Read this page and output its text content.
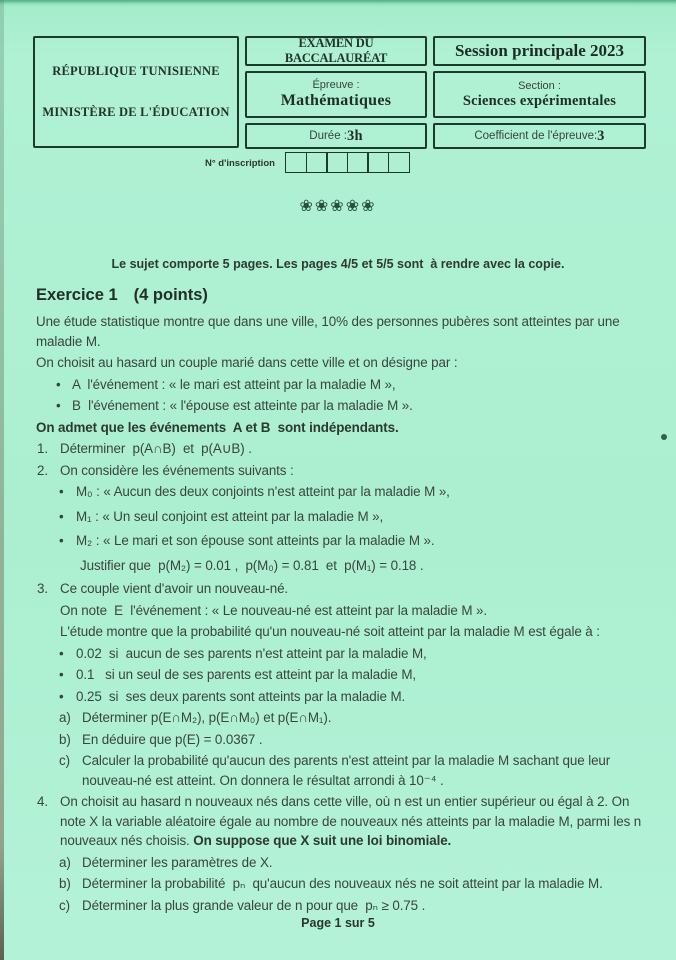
RÉPUBLIQUE TUNISIENNE
MINISTÈRE DE L'ÉDUCATION
EXAMEN DU BACCALAURÉAT
Épreuve :
Mathématiques
Durée : 3h
Session principale 2023
Section :
Sciences expérimentales
Coefficient de l'épreuve: 3
N° d'inscription
❀❀❀❀❀
Le sujet comporte 5 pages. Les pages 4/5 et 5/5 sont  à rendre avec la copie.
Exercice 1 (4 points)
Une étude statistique montre que dans une ville, 10% des personnes pubères sont atteintes par une maladie M.
On choisit au hasard un couple marié dans cette ville et on désigne par :
• A  l'événement : « le mari est atteint par la maladie M »,
• B  l'événement : « l'épouse est atteinte par la maladie M ».
On admet que les événements  A et B  sont indépendants.
1. Déterminer  p(A∩B)  et  p(A∪B) .
2. On considère les événements suivants :
• M₀ : « Aucun des deux conjoints n'est atteint par la maladie M »,
• M₁ : « Un seul conjoint est atteint par la maladie M »,
• M₂ : « Le mari et son épouse sont atteints par la maladie M ».
Justifier que  p(M₂) = 0.01 ,  p(M₀) = 0.81  et  p(M₁) = 0.18 .
3. Ce couple vient d'avoir un nouveau-né.
On note  E  l'événement : « Le nouveau-né est atteint par la maladie M ».
L'étude montre que la probabilité qu'un nouveau-né soit atteint par la maladie M est égale à :
• 0.02  si  aucun de ses parents n'est atteint par la maladie M,
• 0.1   si un seul de ses parents est atteint par la maladie M,
• 0.25  si  ses deux parents sont atteints par la maladie M.
a) Déterminer p(E∩M₂), p(E∩M₀) et p(E∩M₁).
b) En déduire que p(E) = 0.0367 .
c) Calculer la probabilité qu'aucun des parents n'est atteint par la maladie M sachant que leur nouveau-né est atteint. On donnera le résultat arrondi à 10⁻⁴ .
4. On choisit au hasard n nouveaux nés dans cette ville, où n est un entier supérieur ou égal à 2. On note X la variable aléatoire égale au nombre de nouveaux nés atteints par la maladie M, parmi les n nouveaux nés choisis. On suppose que X suit une loi binomiale.
a) Déterminer les paramètres de X.
b) Déterminer la probabilité  pₙ  qu'aucun des nouveaux nés ne soit atteint par la maladie M.
c) Déterminer la plus grande valeur de n pour que  pₙ ≥ 0.75 .
Page 1 sur 5
